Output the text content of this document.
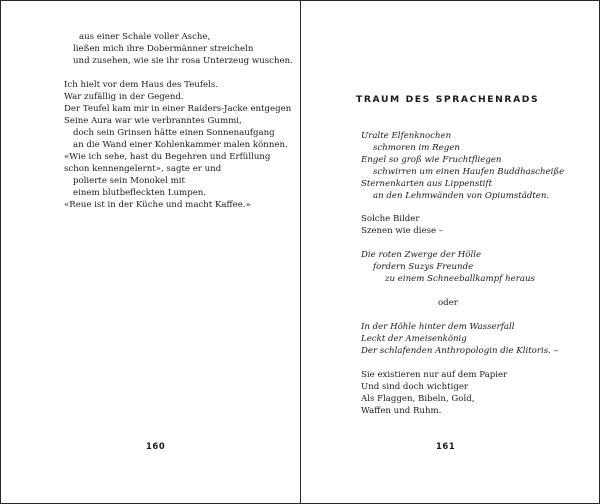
aus einer Schale voller Asche,
ließen mich ihre Dobermänner streicheln
und zusehen, wie sie ihr rosa Unterzeug wuschen.
Ich hielt vor dem Haus des Teufels.
War zufällig in der Gegend.
Der Teufel kam mir in einer Raiders-Jacke entgegen
Seine Aura war wie verbranntes Gummi,
doch sein Grinsen hätte einen Sonnenaufgang
an die Wand einer Kohlenkammer malen können.
«Wie ich sehe, hast du Begehren und Erfüllung
schon kennengelernt», sagte er und
polierte sein Monokel mit
einem blutbefleckten Lumpen.
«Reue ist in der Küche und macht Kaffee.»
160
TRAUM DES SPRACHENRADS
Uralte Elfenknochen
schmoren im Regen
Engel so groß wie Fruchtfliegen
schwirren um einen Haufen Buddhascheiße
Sternenkarten aus Lippenstift
an den Lehmwänden von Opiumstädten.
Solche Bilder
Szenen wie diese –
Die roten Zwerge der Hölle
fordern Suzys Freunde
zu einem Schneeballkampf heraus
oder
In der Höhle hinter dem Wasserfall
Leckt der Ameisenkönig
Der schlafenden Anthropologin die Klitoris. –
Sie existieren nur auf dem Papier
Und sind doch wichtiger
Als Flaggen, Bibeln, Gold,
Waffen und Ruhm.
161
